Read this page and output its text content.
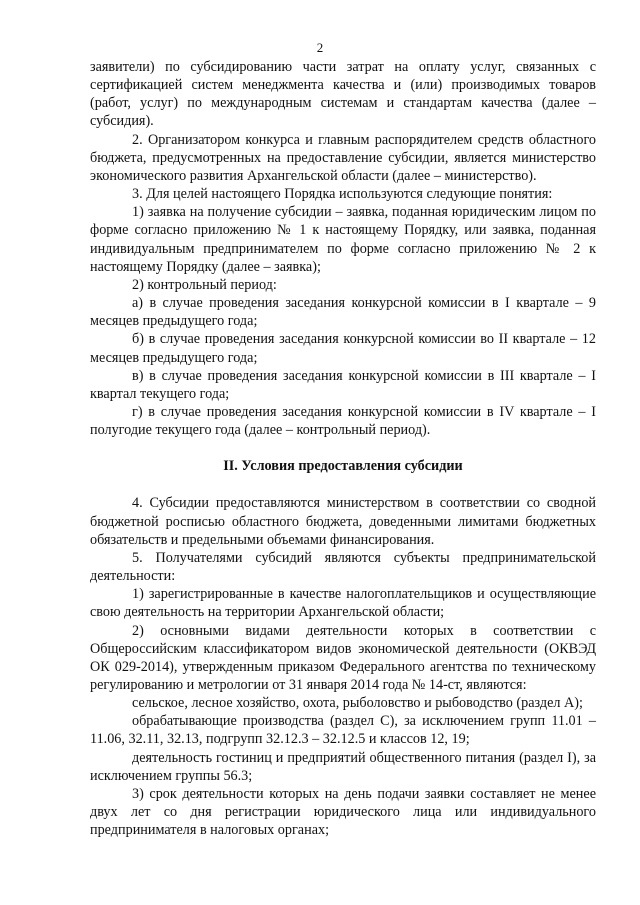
2

заявители) по субсидированию части затрат на оплату услуг, связанных с сертификацией систем менеджмента качества и (или) производимых товаров (работ, услуг) по международным системам и стандартам качества (далее – субсидия).

2. Организатором конкурса и главным распорядителем средств областного бюджета, предусмотренных на предоставление субсидии, является министерство экономического развития Архангельской области (далее – министерство).

3. Для целей настоящего Порядка используются следующие понятия:

1) заявка на получение субсидии – заявка, поданная юридическим лицом по форме согласно приложению № 1 к настоящему Порядку, или заявка, поданная индивидуальным предпринимателем по форме согласно приложению № 2 к настоящему Порядку (далее – заявка);

2) контрольный период:

а) в случае проведения заседания конкурсной комиссии в I квартале – 9 месяцев предыдущего года;

б) в случае проведения заседания конкурсной комиссии во II квартале – 12 месяцев предыдущего года;

в) в случае проведения заседания конкурсной комиссии в III квартале – I квартал текущего года;

г) в случае проведения заседания конкурсной комиссии в IV квартале – I полугодие текущего года (далее – контрольный период).

II. Условия предоставления субсидии

4. Субсидии предоставляются министерством в соответствии со сводной бюджетной росписью областного бюджета, доведенными лимитами бюджетных обязательств и предельными объемами финансирования.

5. Получателями субсидий являются субъекты предпринимательской деятельности:

1) зарегистрированные в качестве налогоплательщиков и осуществляющие свою деятельность на территории Архангельской области;

2) основными видами деятельности которых в соответствии с Общероссийским классификатором видов экономической деятельности (ОКВЭД ОК 029-2014), утвержденным приказом Федерального агентства по техническому регулированию и метрологии от 31 января 2014 года № 14-ст, являются:

сельское, лесное хозяйство, охота, рыболовство и рыбоводство (раздел А);

обрабатывающие производства (раздел С), за исключением групп 11.01 – 11.06, 32.11, 32.13, подгрупп 32.12.3 – 32.12.5 и классов 12, 19;

деятельность гостиниц и предприятий общественного питания (раздел I), за исключением группы 56.3;

3) срок деятельности которых на день подачи заявки составляет не менее двух лет со дня регистрации юридического лица или индивидуального предпринимателя в налоговых органах;
